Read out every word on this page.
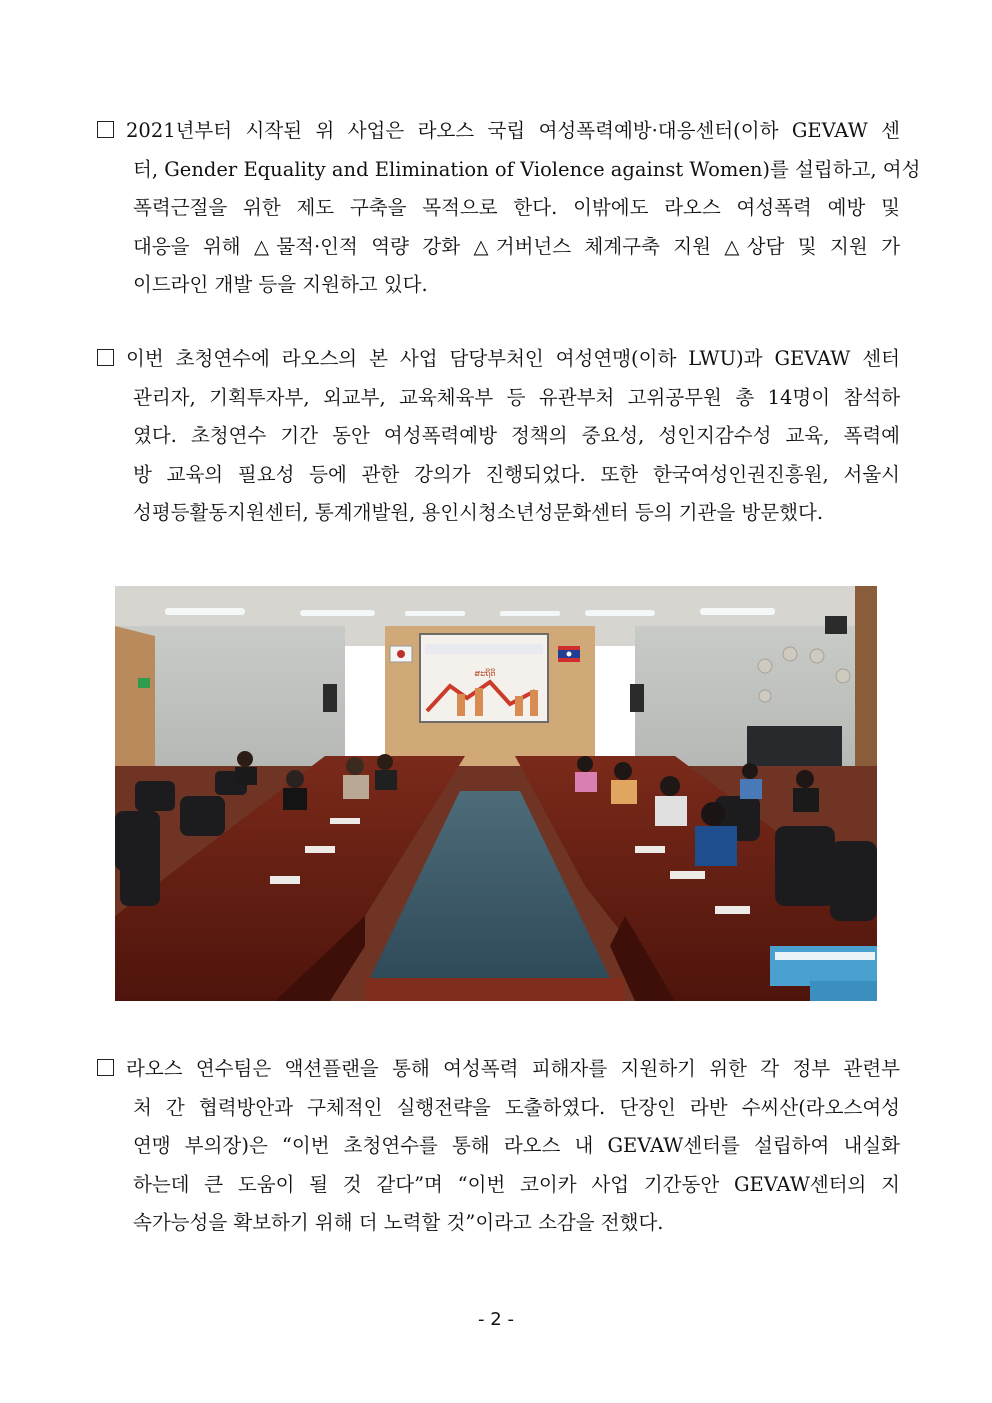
2021년부터 시작된 위 사업은 라오스 국립 여성폭력예방·대응센터(이하 GEVAW 센
터, Gender Equality and Elimination of Violence against Women)를 설립하고, 여성
폭력근절을 위한 제도 구축을 목적으로 한다. 이밖에도 라오스 여성폭력 예방 및
대응을 위해 △물적·인적 역량 강화 △거버넌스 체계구축 지원 △상담 및 지원 가
이드라인 개발 등을 지원하고 있다.
이번 초청연수에 라오스의 본 사업 담당부처인 여성연맹(이하 LWU)과 GEVAW 센터
관리자, 기획투자부, 외교부, 교육체육부 등 유관부처 고위공무원 총 14명이 참석하
였다. 초청연수 기간 동안 여성폭력예방 정책의 중요성, 성인지감수성 교육, 폭력예
방 교육의 필요성 등에 관한 강의가 진행되었다. 또한 한국여성인권진흥원, 서울시
성평등활동지원센터, 통계개발원, 용인시청소년성문화센터 등의 기관을 방문했다.
ສະຖິຕິ
라오스 연수팀은 액션플랜을 통해 여성폭력 피해자를 지원하기 위한 각 정부 관련부
처 간 협력방안과 구체적인 실행전략을 도출하였다. 단장인 라반 수씨산(라오스여성
연맹 부의장)은 “이번 초청연수를 통해 라오스 내 GEVAW센터를 설립하여 내실화
하는데 큰 도움이 될 것 같다”며 “이번 코이카 사업 기간동안 GEVAW센터의 지
속가능성을 확보하기 위해 더 노력할 것”이라고 소감을 전했다.
- 2 -
